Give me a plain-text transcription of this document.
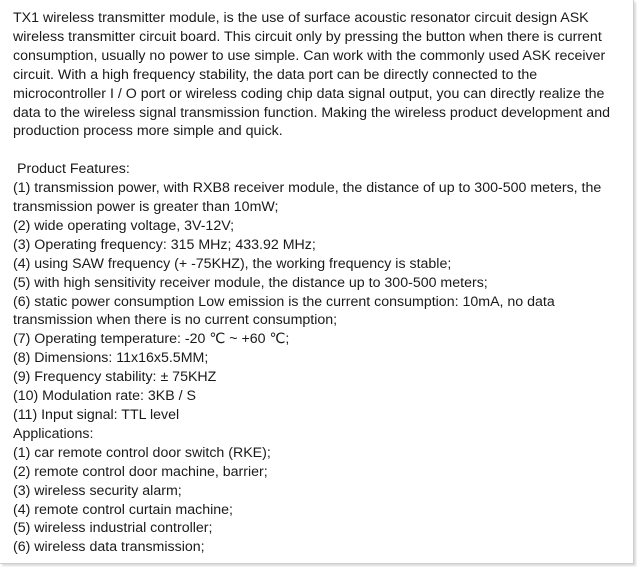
TX1 wireless transmitter module, is the use of surface acoustic resonator circuit design ASK wireless transmitter circuit board. This circuit only by pressing the button when there is current consumption, usually no power to use simple. Can work with the commonly used ASK receiver circuit. With a high frequency stability, the data port can be directly connected to the microcontroller I / O port or wireless coding chip data signal output, you can directly realize the data to the wireless signal transmission function. Making the wireless product development and production process more simple and quick.

Product Features:

(1) transmission power, with RXB8 receiver module, the distance of up to 300-500 meters, the transmission power is greater than 10mW;

(2) wide operating voltage, 3V-12V;

(3) Operating frequency: 315 MHz; 433.92 MHz;

(4) using SAW frequency (+ -75KHZ), the working frequency is stable;

(5) with high sensitivity receiver module, the distance up to 300-500 meters;

(6) static power consumption Low emission is the current consumption: 10mA, no data transmission when there is no current consumption;

(7) Operating temperature: -20 ℃ ~ +60 ℃;

(8) Dimensions: 11x16x5.5MM;

(9) Frequency stability: ± 75KHZ

(10) Modulation rate: 3KB / S

(11) Input signal: TTL level

Applications:

(1) car remote control door switch (RKE);

(2) remote control door machine, barrier;

(3) wireless security alarm;

(4) remote control curtain machine;

(5) wireless industrial controller;

(6) wireless data transmission;
